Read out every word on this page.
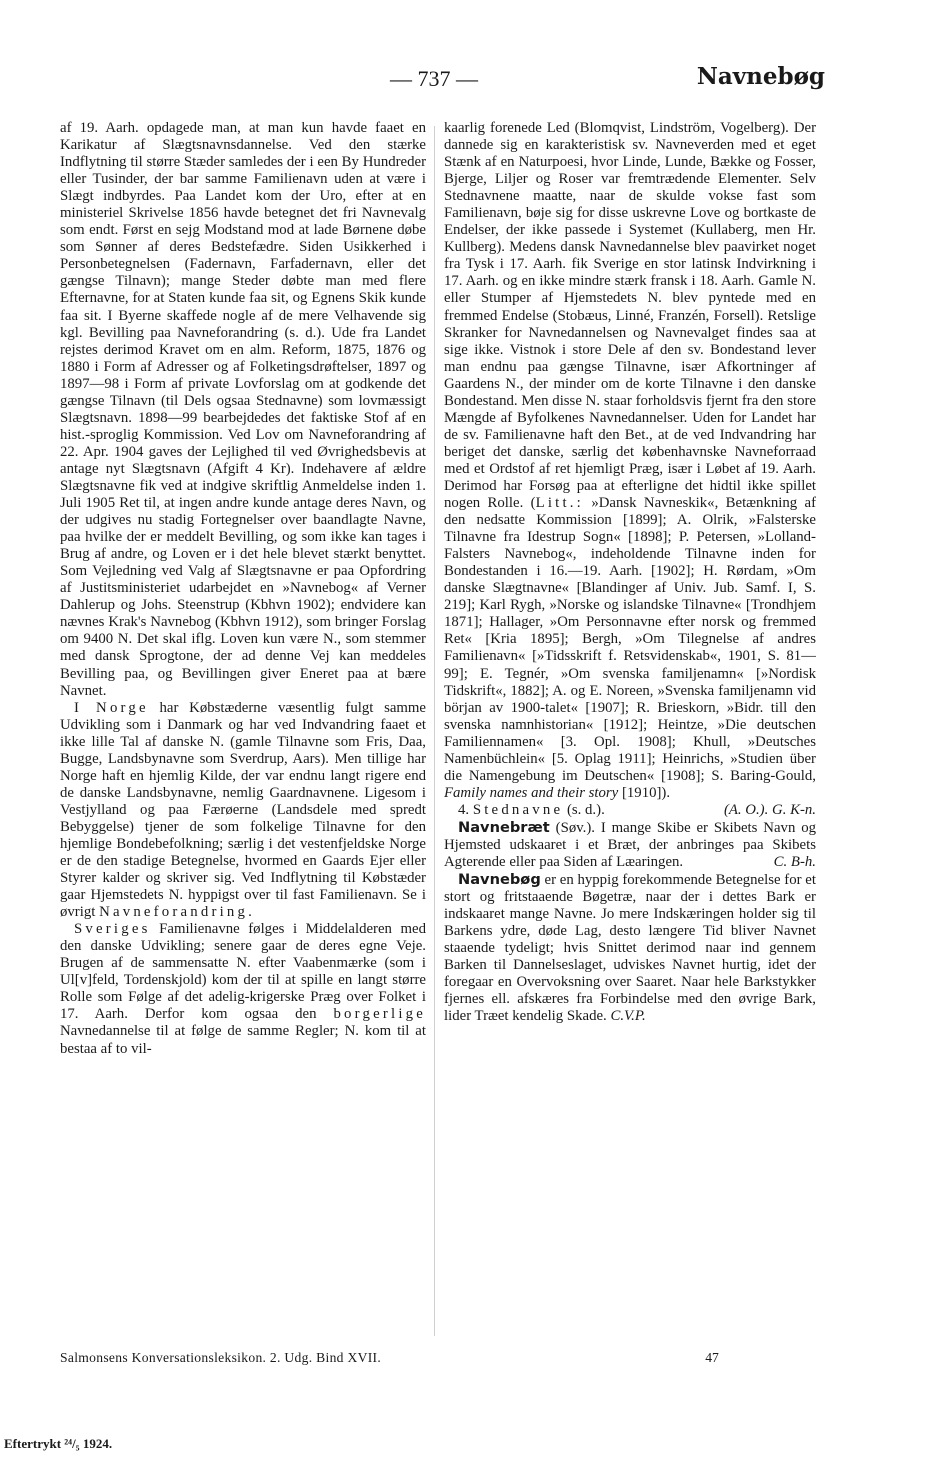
— 737 —	Navnebøg

af 19. Aarh. opdagede man, at man kun havde faaet en Karikatur af Slægtsnavnsdannelse. Ved den stærke Indflytning til større Stæder samledes der i een By Hundreder eller Tusinder, der bar samme Familienavn uden at være i Slægt indbyrdes. Paa Landet kom der Uro, efter at en ministeriel Skrivelse 1856 havde betegnet det fri Navnevalg som endt. Først en sejg Modstand mod at lade Børnene døbe som Sønner af deres Bedstefædre. Siden Usikkerhed i Personbetegnelsen (Fadernavn, Farfadernavn, eller det gængse Tilnavn); mange Steder døbte man med flere Efternavne, for at Staten kunde faa sit, og Egnens Skik kunde faa sit. I Byerne skaffede nogle af de mere Velhavende sig kgl. Bevilling paa Navneforandring (s. d.). Ude fra Landet rejstes derimod Kravet om en alm. Reform, 1875, 1876 og 1880 i Form af Adresser og af Folketingsdrøftelser, 1897 og 1897—98 i Form af private Lovforslag om at godkende det gængse Tilnavn (til Dels ogsaa Stednavne) som lovmæssigt Slægtsnavn. 1898—99 bearbejdedes det faktiske Stof af en hist.-sproglig Kommission. Ved Lov om Navneforandring af 22. Apr. 1904 gaves der Lejlighed til ved Øvrighedsbevis at antage nyt Slægtsnavn (Afgift 4 Kr). Indehavere af ældre Slægtsnavne fik ved at indgive skriftlig Anmeldelse inden 1. Juli 1905 Ret til, at ingen andre kunde antage deres Navn, og der udgives nu stadig Fortegnelser over baandlagte Navne, paa hvilke der er meddelt Bevilling, og som ikke kan tages i Brug af andre, og Loven er i det hele blevet stærkt benyttet. Som Vejledning ved Valg af Slægtsnavne er paa Opfordring af Justitsministeriet udarbejdet en »Navnebog« af Verner Dahlerup og Johs. Steenstrup (Kbhvn 1902); endvidere kan nævnes Krak's Navnebog (Kbhvn 1912), som bringer Forslag om 9400 N. Det skal iflg. Loven kun være N., som stemmer med dansk Sprogtone, der ad denne Vej kan meddeles Bevilling paa, og Bevillingen giver Eneret paa at bære Navnet.

I Norge har Købstæderne væsentlig fulgt samme Udvikling som i Danmark og har ved Indvandring faaet et ikke lille Tal af danske N. (gamle Tilnavne som Fris, Daa, Bugge, Landsbynavne som Sverdrup, Aars). Men tillige har Norge haft en hjemlig Kilde, der var endnu langt rigere end de danske Landsbynavne, nemlig Gaardnavnene. Ligesom i Vestjylland og paa Færøerne (Landsdele med spredt Bebyggelse) tjener de som folkelige Tilnavne for den hjemlige Bondebefolkning; særlig i det vestenfjeldske Norge er de den stadige Betegnelse, hvormed en Gaards Ejer eller Styrer kalder og skriver sig. Ved Indflytning til Købstæder gaar Hjemstedets N. hyppigst over til fast Familienavn. Se i øvrigt Navneforandring.

Sveriges Familienavne følges i Middelalderen med den danske Udvikling; senere gaar de deres egne Veje. Brugen af de sammensatte N. efter Vaabenmærke (som i Ul[v]feld, Tordenskjold) kom der til at spille en langt større Rolle som Følge af det adelig-krigerske Præg over Folket i 17. Aarh. Derfor kom ogsaa den borgerlige Navnedannelse til at følge de samme Regler; N. kom til at bestaa af to vil-

kaarlig forenede Led (Blomqvist, Lindström, Vogelberg). Der dannede sig en karakteristisk sv. Navneverden med et eget Stænk af en Naturpoesi, hvor Linde, Lunde, Bække og Fosser, Bjerge, Liljer og Roser var fremtrædende Elementer. Selv Stednavnene maatte, naar de skulde vokse fast som Familienavn, bøje sig for disse uskrevne Love og bortkaste de Endelser, der ikke passede i Systemet (Kullaberg, men Hr. Kullberg). Medens dansk Navnedannelse blev paavirket noget fra Tysk i 17. Aarh. fik Sverige en stor latinsk Indvirkning i 17. Aarh. og en ikke mindre stærk fransk i 18. Aarh. Gamle N. eller Stumper af Hjemstedets N. blev pyntede med en fremmed Endelse (Stobæus, Linné, Franzén, Forsell). Retslige Skranker for Navnedannelsen og Navnevalget findes saa at sige ikke. Vistnok i store Dele af den sv. Bondestand lever man endnu paa gængse Tilnavne, især Afkortninger af Gaardens N., der minder om de korte Tilnavne i den danske Bondestand. Men disse N. staar forholdsvis fjernt fra den store Mængde af Byfolkenes Navnedannelser. Uden for Landet har de sv. Familienavne haft den Bet., at de ved Indvandring har beriget det danske, særlig det københavnske Navneforraad med et Ordstof af ret hjemligt Præg, især i Løbet af 19. Aarh. Derimod har Forsøg paa at efterligne det hidtil ikke spillet nogen Rolle. (Litt.: »Dansk Navneskik«, Betænkning af den nedsatte Kommission [1899]; A. Olrik, »Falsterske Tilnavne fra Idestrup Sogn« [1898]; P. Petersen, »Lolland-Falsters Navnebog«, indeholdende Tilnavne inden for Bondestanden i 16.—19. Aarh. [1902]; H. Rørdam, »Om danske Slægtnavne« [Blandinger af Univ. Jub. Samf. I, S. 219]; Karl Rygh, »Norske og islandske Tilnavne« [Trondhjem 1871]; Hallager, »Om Personnavne efter norsk og fremmed Ret« [Kria 1895]; Bergh, »Om Tilegnelse af andres Familienavn« [»Tidsskrift f. Retsvidenskab«, 1901, S. 81—99]; E. Tegnér, »Om svenska familjenamn« [»Nordisk Tidskrift«, 1882]; A. og E. Noreen, »Svenska familjenamn vid början av 1900-talet« [1907]; R. Brieskorn, »Bidr. till den svenska namnhistorian« [1912]; Heintze, »Die deutschen Familiennamen« [3. Opl. 1908]; Khull, »Deutsches Namenbüchlein« [5. Oplag 1911]; Heinrichs, »Studien über die Namengebung im Deutschen« [1908]; S. Baring-Gould, Family names and their story [1910]).

4. Stednavne (s. d.).	(A. O.). G. K-n.

Navnebræt (Søv.). I mange Skibe er Skibets Navn og Hjemsted udskaaret i et Bræt, der anbringes paa Skibets Agterende eller paa Siden af Læaringen.	C. B-h.

Navnebøg er en hyppig forekommende Betegnelse for et stort og fritstaaende Bøgetræ, naar der i dettes Bark er indskaaret mange Navne. Jo mere Indskæringen holder sig til Barkens ydre, døde Lag, desto længere Tid bliver Navnet staaende tydeligt; hvis Snittet derimod naar ind gennem Barken til Dannelseslaget, udviskes Navnet hurtig, idet der foregaar en Overvoksning over Saaret. Naar hele Barkstykker fjernes ell. afskæres fra Forbindelse med den øvrige Bark, lider Træet kendelig Skade. C.V.P.

Salmonsens Konversationsleksikon. 2. Udg. Bind XVII.	47
Eftertrykt ²⁴/₅ 1924.
